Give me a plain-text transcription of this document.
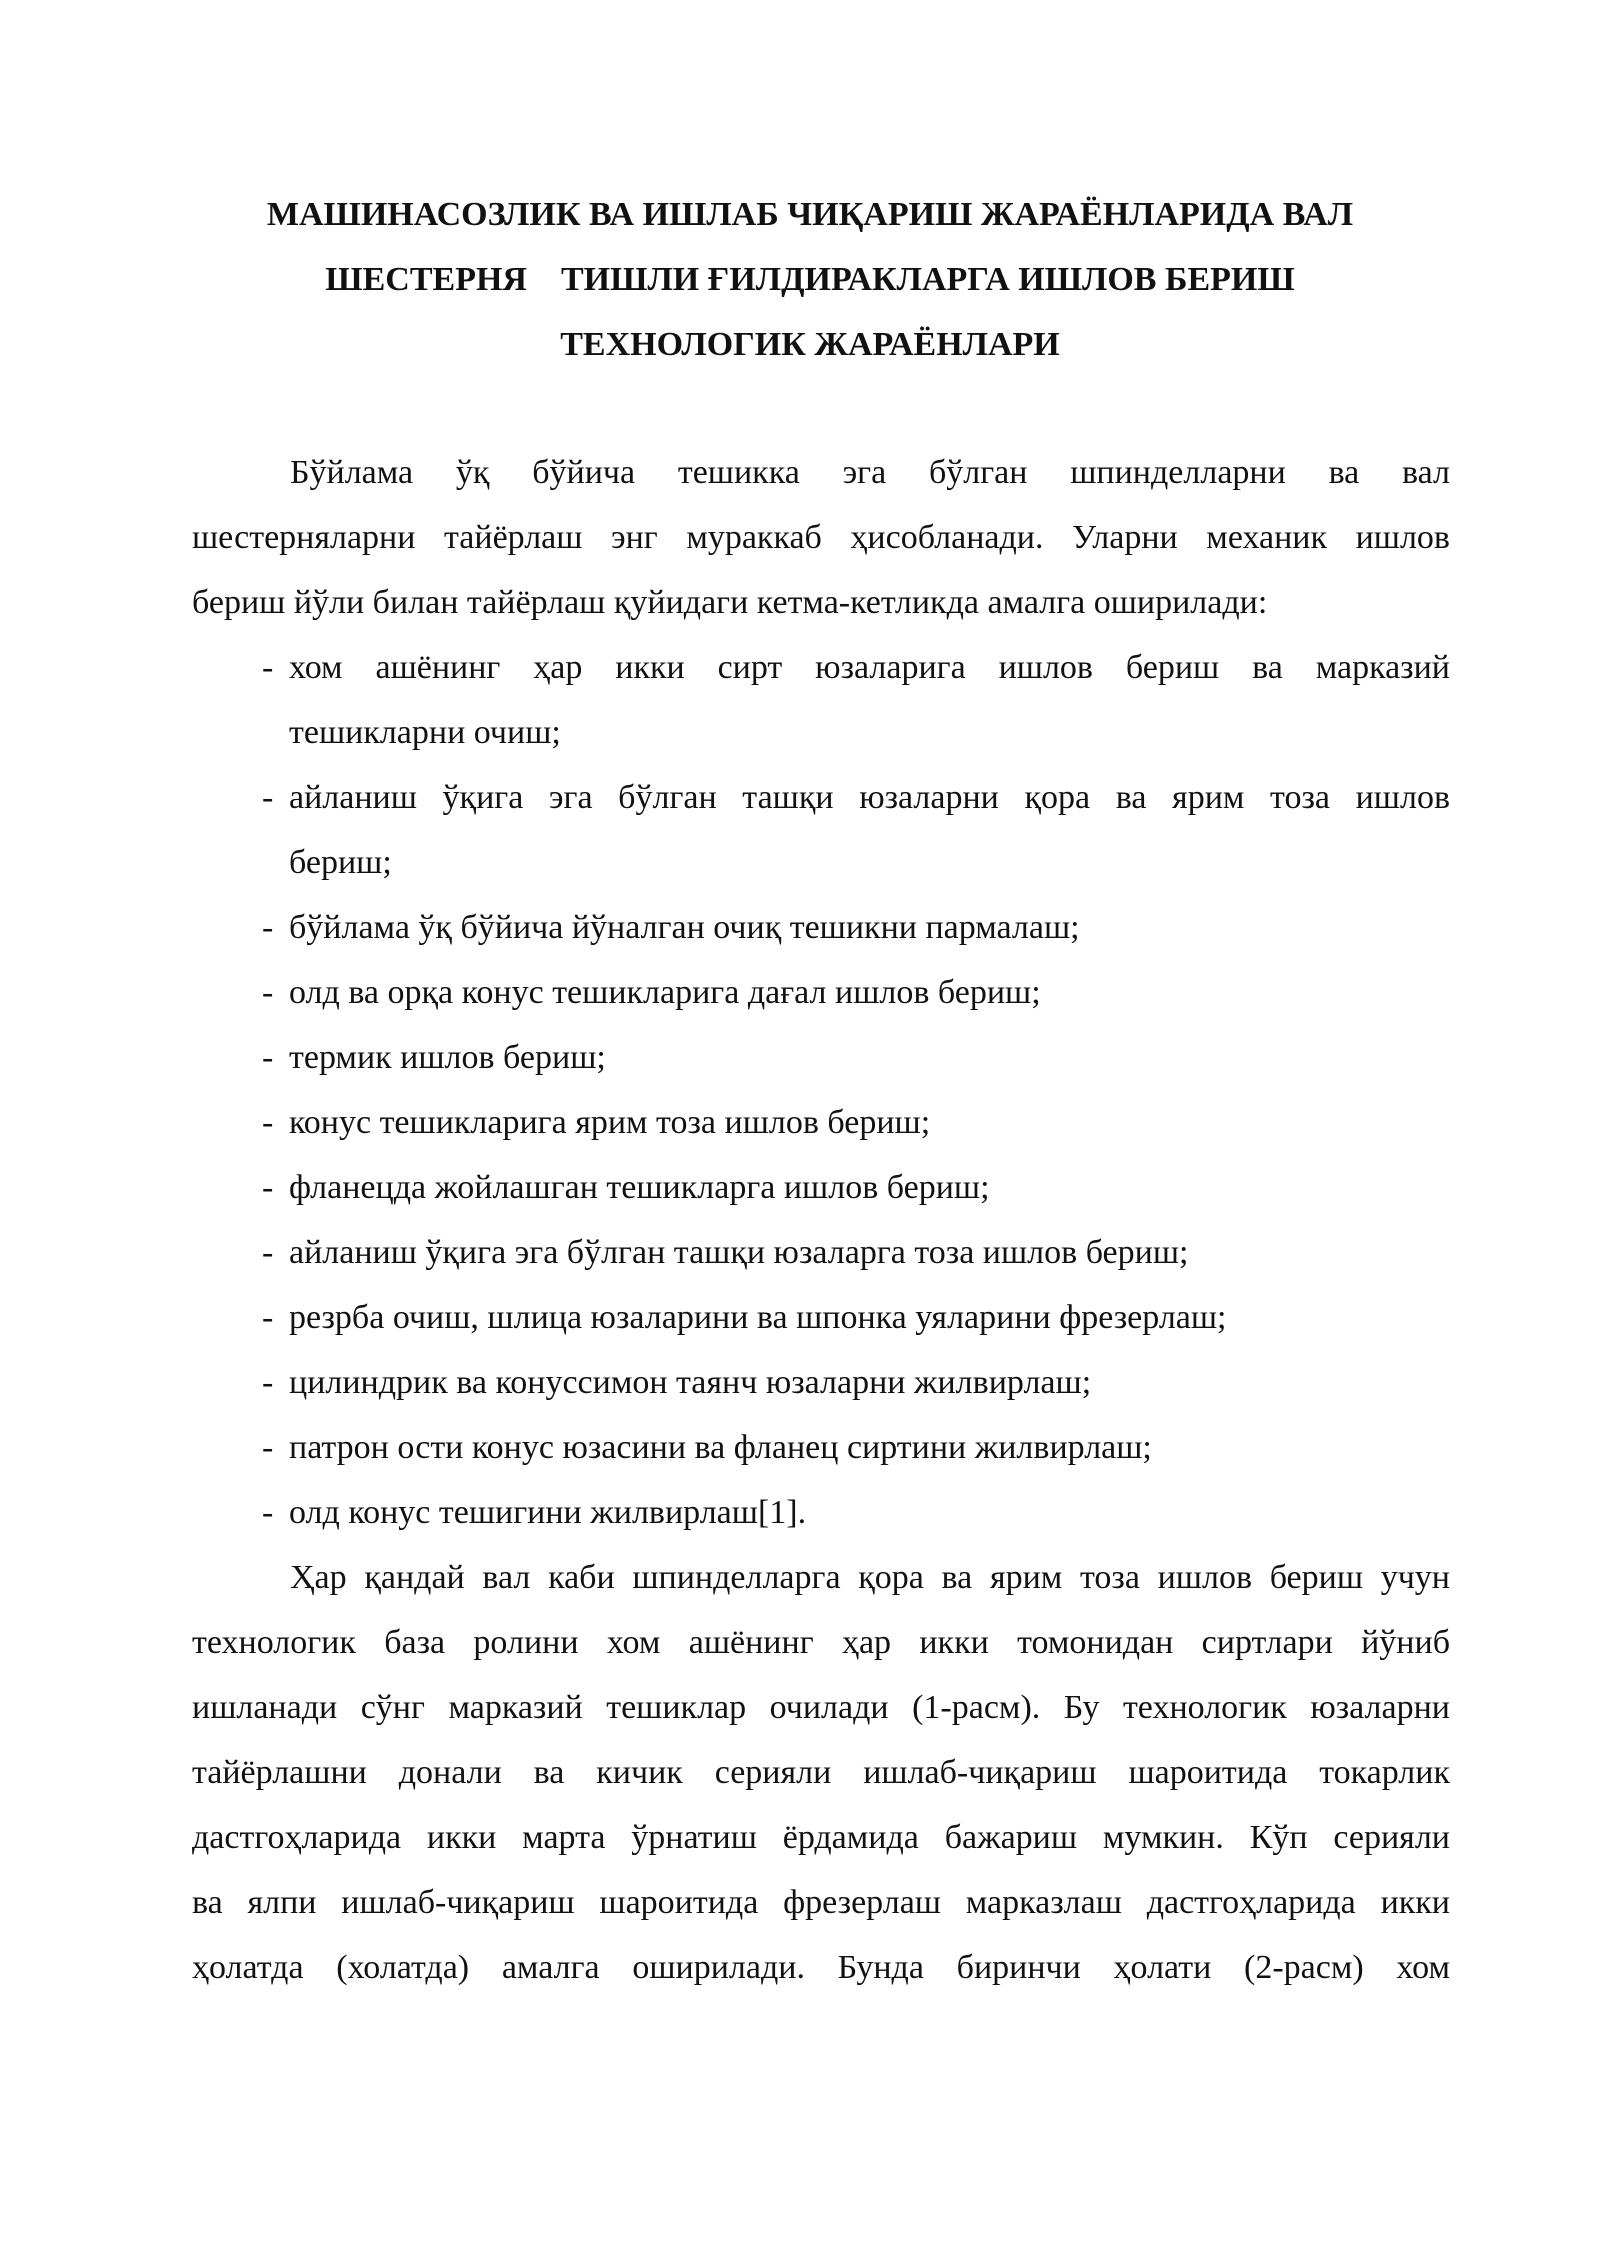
МАШИНАСОЗЛИК ВА ИШЛАБ ЧИҚАРИШ ЖАРАЁНЛАРИДА ВАЛ
ШЕСТЕРНЯ    ТИШЛИ ҒИЛДИРАКЛАРГА ИШЛОВ БЕРИШ
ТЕХНОЛОГИК ЖАРАЁНЛАРИ

Бўйлама ўқ бўйича тешикка эга бўлган шпинделларни ва вал
шестерняларни тайёрлаш энг мураккаб ҳисобланади. Уларни механик ишлов
бериш йўли билан тайёрлаш қуйидаги кетма-кетликда амалга оширилади:

- хом ашёнинг ҳар икки сирт юзаларига ишлов бериш ва марказий
тешикларни очиш;
- айланиш ўқига эга бўлган ташқи юзаларни қора ва ярим тоза ишлов
бериш;
- бўйлама ўқ бўйича йўналган очиқ тешикни пармалаш;
- олд ва орқа конус тешикларига дағал ишлов бериш;
- термик ишлов бериш;
- конус тешикларига ярим тоза ишлов бериш;
- фланецда жойлашган тешикларга ишлов бериш;
- айланиш ўқига эга бўлган ташқи юзаларга тоза ишлов бериш;
- резрба очиш, шлица юзаларини ва шпонка уяларини фрезерлаш;
- цилиндрик ва конуссимон таянч юзаларни жилвирлаш;
- патрон ости конус юзасини ва фланец сиртини жилвирлаш;
- олд конус тешигини жилвирлаш[1].

Ҳар қандай вал каби шпинделларга қора ва ярим тоза ишлов бериш учун
технологик база ролини хом ашёнинг ҳар икки томонидан сиртлари йўниб
ишланади сўнг марказий тешиклар очилади (1-расм). Бу технологик юзаларни
тайёрлашни донали ва кичик серияли ишлаб-чиқариш шароитида токарлик
дастгоҳларида икки марта ўрнатиш ёрдамида бажариш мумкин. Кўп серияли
ва ялпи ишлаб-чиқариш шароитида фрезерлаш марказлаш дастгоҳларида икки
ҳолатда (холатда) амалга оширилади. Бунда биринчи ҳолати (2-расм) хом
